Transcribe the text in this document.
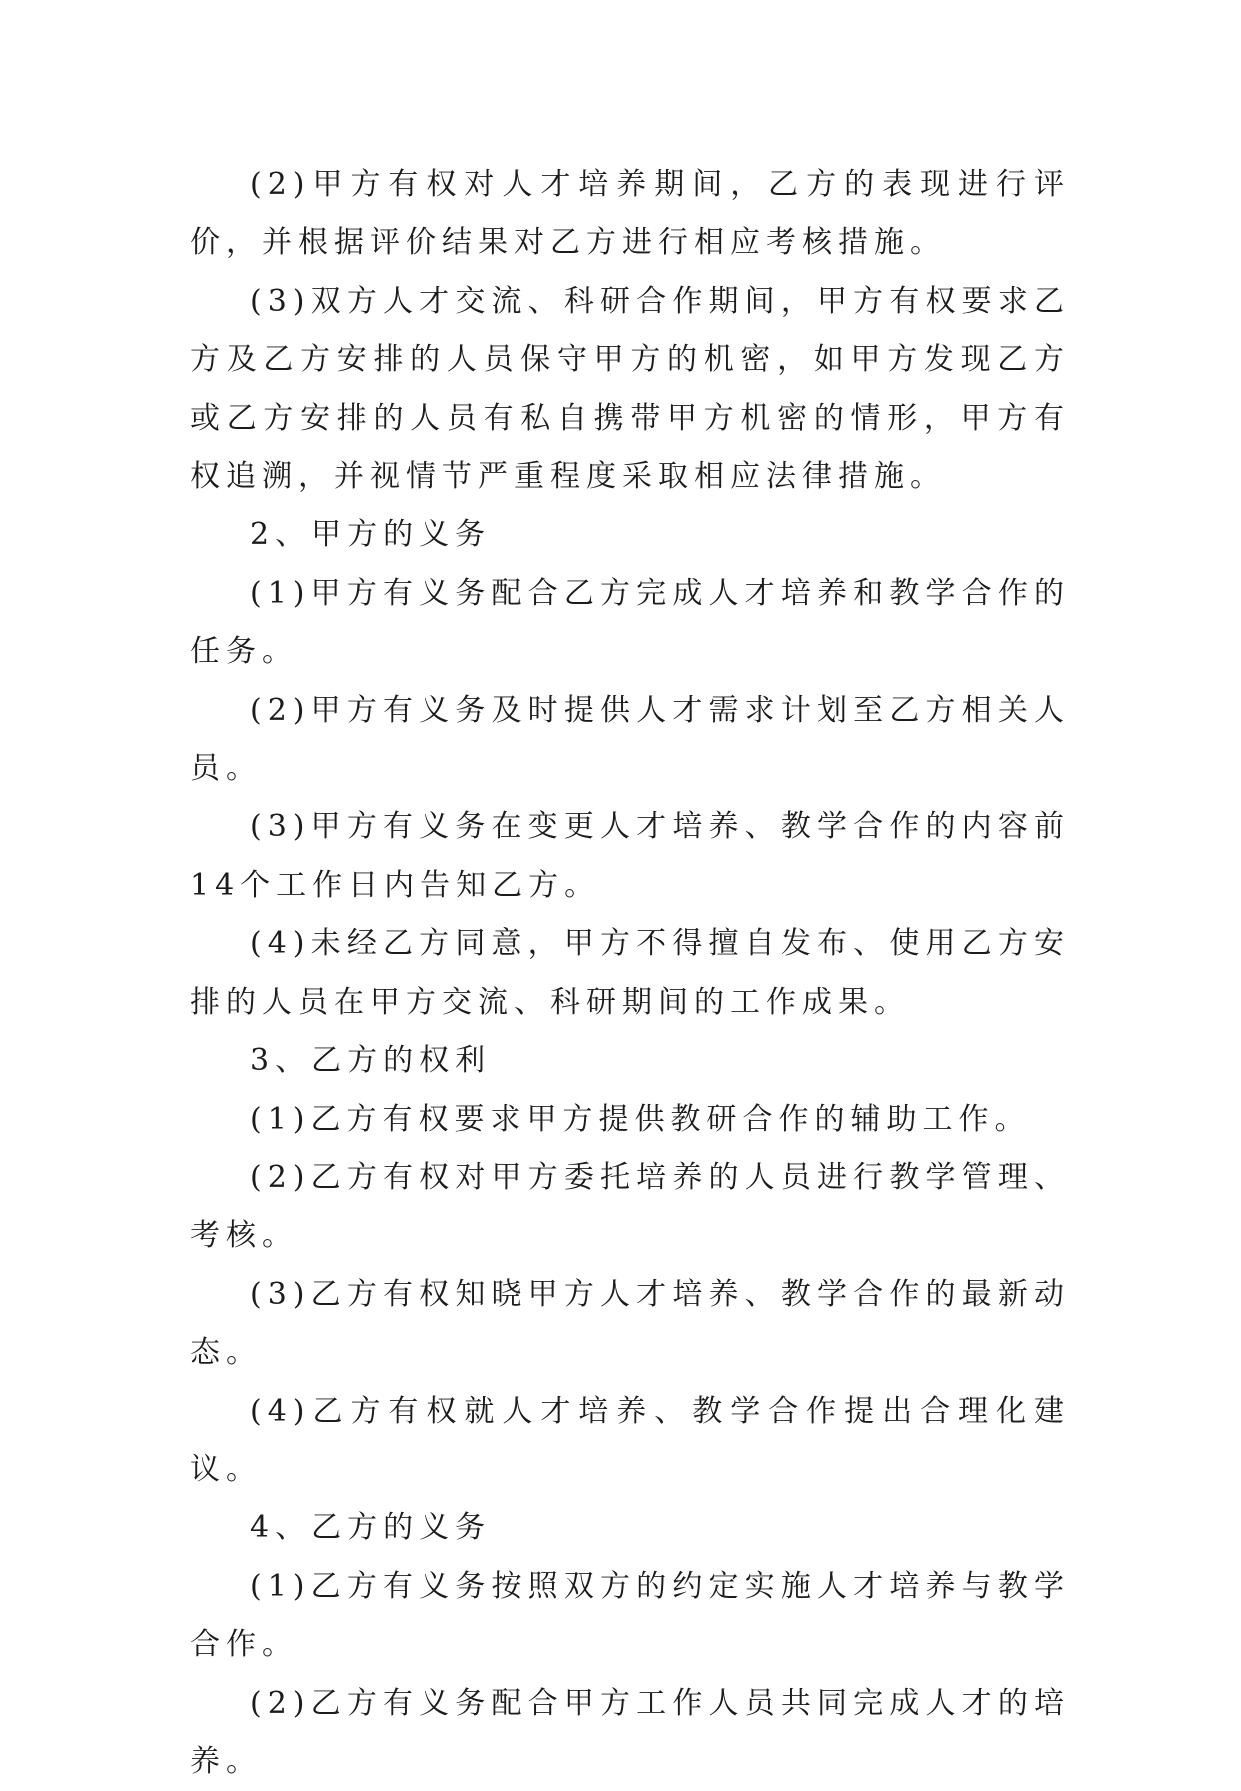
(2)甲方有权对人才培养期间，乙方的表现进行评价，并根据评价结果对乙方进行相应考核措施。

(3)双方人才交流、科研合作期间，甲方有权要求乙方及乙方安排的人员保守甲方的机密，如甲方发现乙方或乙方安排的人员有私自携带甲方机密的情形，甲方有权追溯，并视情节严重程度采取相应法律措施。

2、甲方的义务

(1)甲方有义务配合乙方完成人才培养和教学合作的任务。

(2)甲方有义务及时提供人才需求计划至乙方相关人员。

(3)甲方有义务在变更人才培养、教学合作的内容前14个工作日内告知乙方。

(4)未经乙方同意，甲方不得擅自发布、使用乙方安排的人员在甲方交流、科研期间的工作成果。

3、乙方的权利

(1)乙方有权要求甲方提供教研合作的辅助工作。

(2)乙方有权对甲方委托培养的人员进行教学管理、考核。

(3)乙方有权知晓甲方人才培养、教学合作的最新动态。

(4)乙方有权就人才培养、教学合作提出合理化建议。

4、乙方的义务

(1)乙方有义务按照双方的约定实施人才培养与教学合作。

(2)乙方有义务配合甲方工作人员共同完成人才的培养。
